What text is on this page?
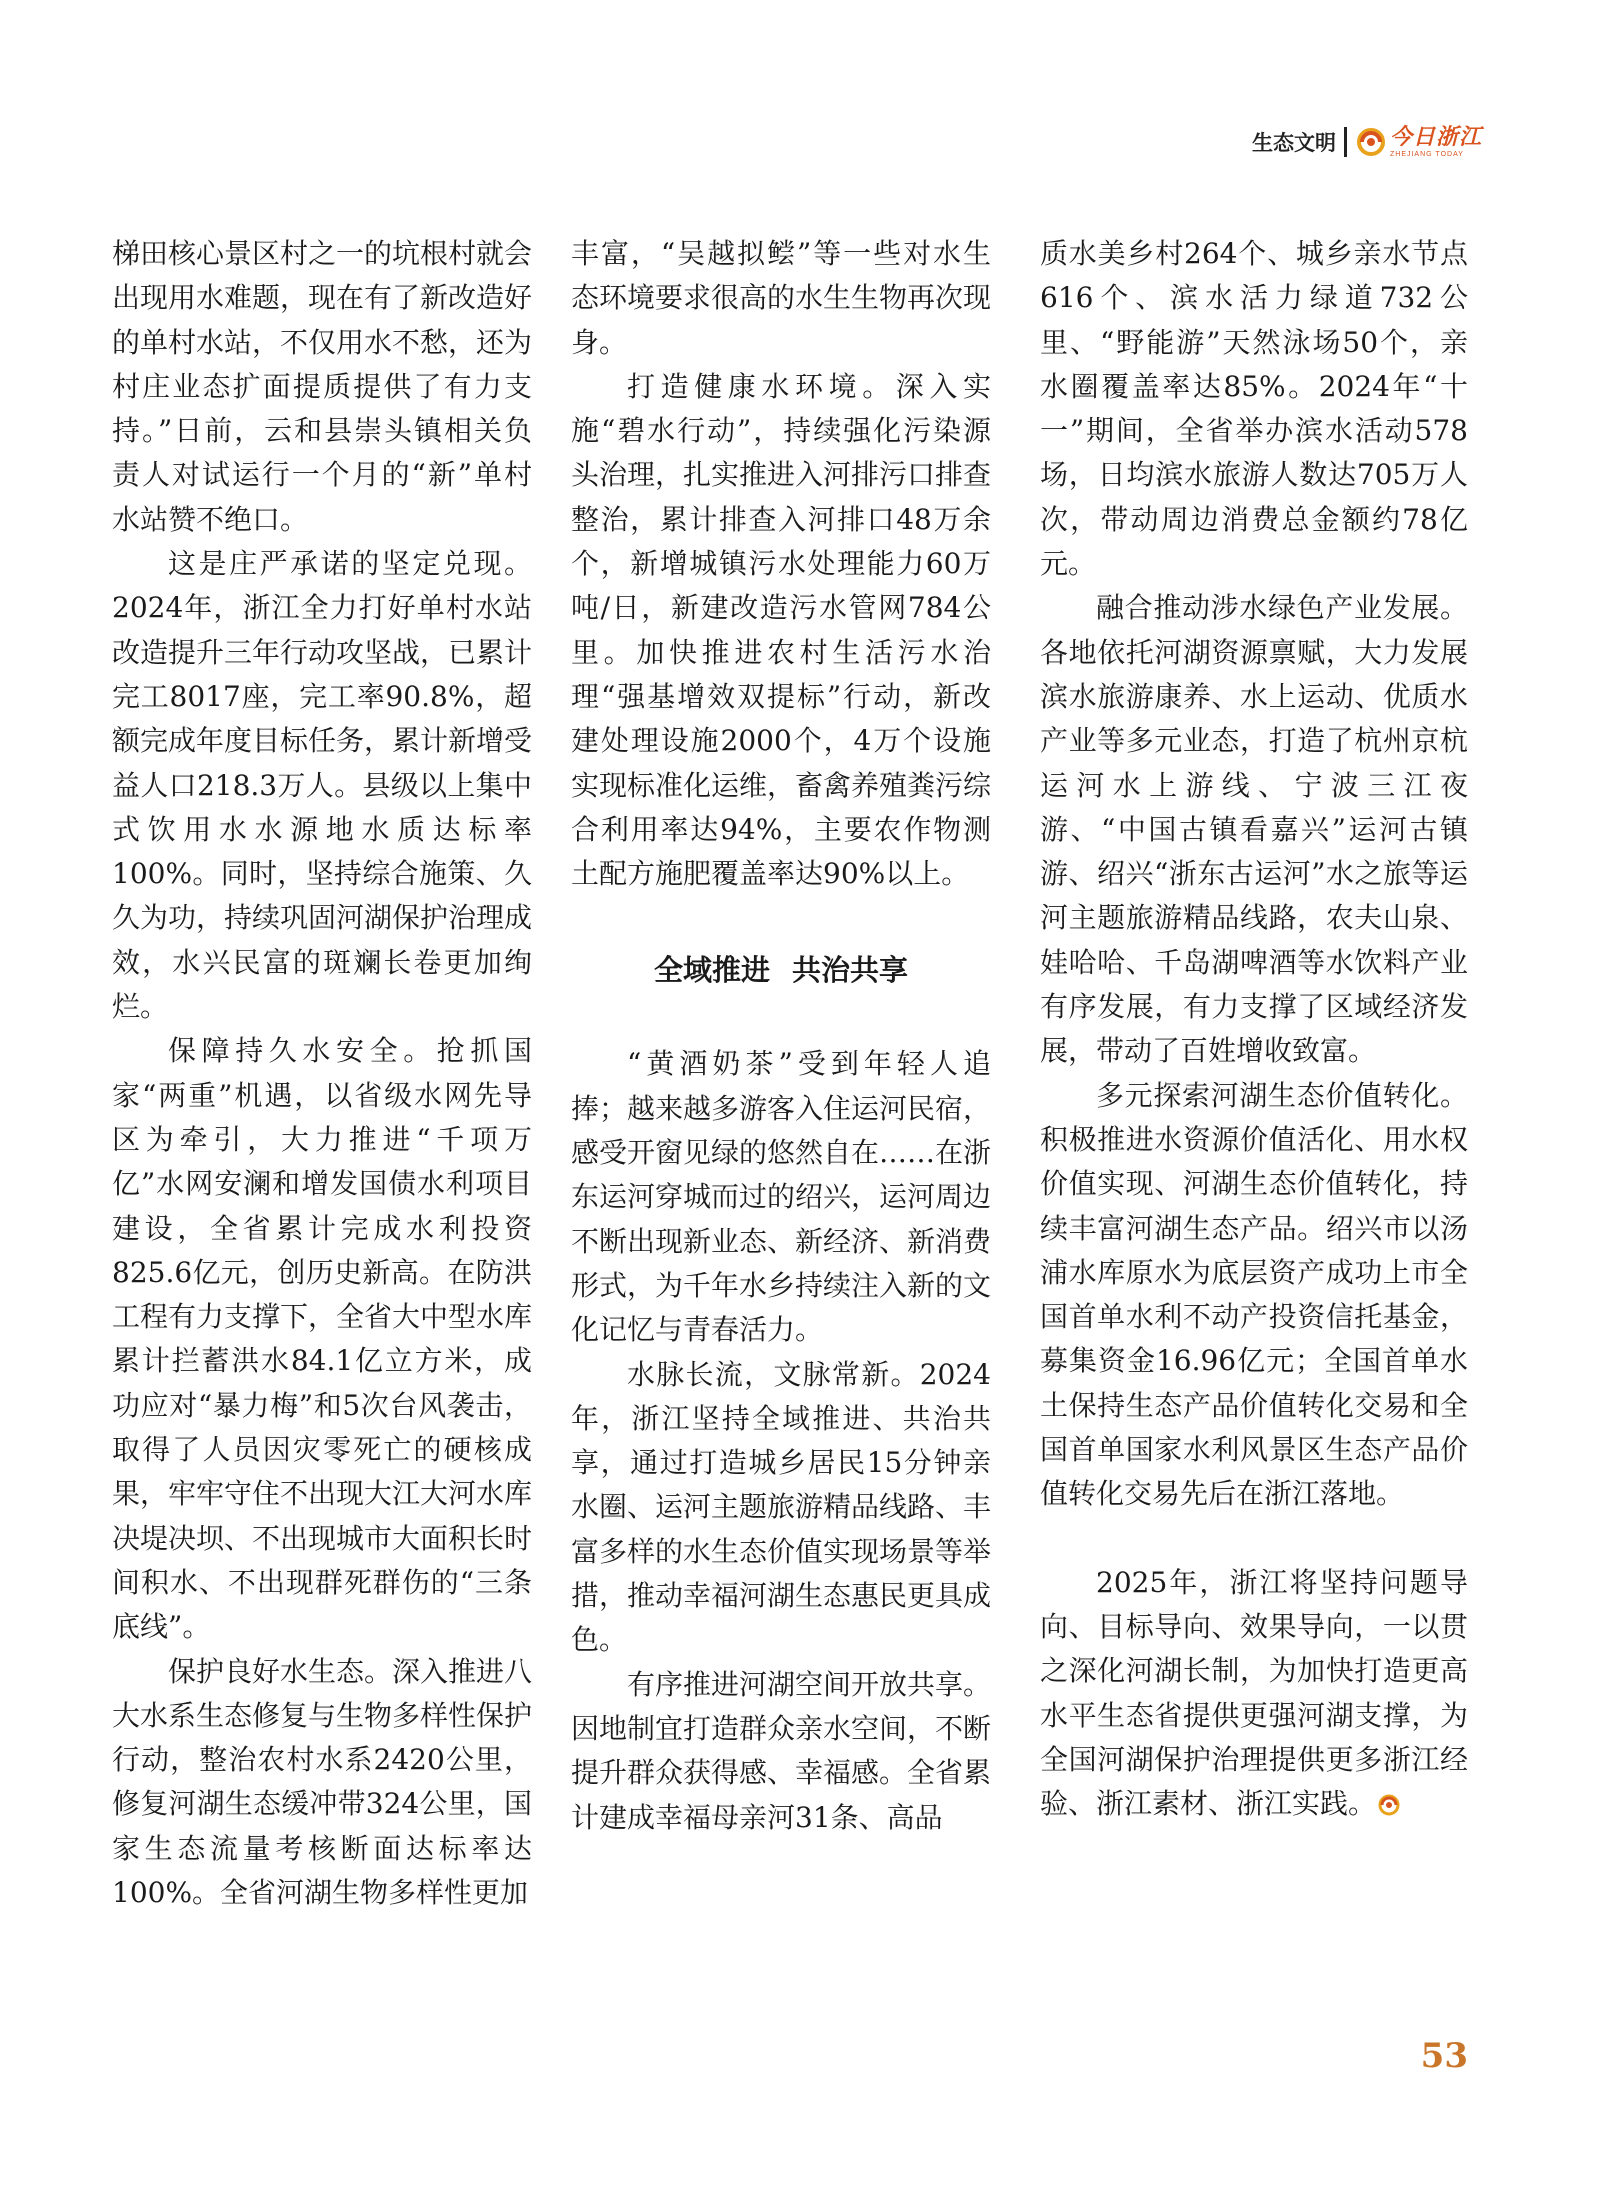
生态文明 今日浙江
ZHEJIANG TODAY

梯田核心景区村之一的坑根村就会出现用水难题，现在有了新改造好的单村水站，不仅用水不愁，还为村庄业态扩面提质提供了有力支持。”日前，云和县崇头镇相关负责人对试运行一个月的“新”单村水站赞不绝口。

这是庄严承诺的坚定兑现。2024年，浙江全力打好单村水站改造提升三年行动攻坚战，已累计完工8017座，完工率90.8%，超额完成年度目标任务，累计新增受益人口218.3万人。县级以上集中式饮用水水源地水质达标率100%。同时，坚持综合施策、久久为功，持续巩固河湖保护治理成效，水兴民富的斑斓长卷更加绚烂。

保障持久水安全。抢抓国家“两重”机遇，以省级水网先导区为牵引，大力推进“千项万亿”水网安澜和增发国债水利项目建设，全省累计完成水利投资825.6亿元，创历史新高。在防洪工程有力支撑下，全省大中型水库累计拦蓄洪水84.1亿立方米，成功应对“暴力梅”和5次台风袭击，取得了人员因灾零死亡的硬核成果，牢牢守住不出现大江大河水库决堤决坝、不出现城市大面积长时间积水、不出现群死群伤的“三条底线”。

保护良好水生态。深入推进八大水系生态修复与生物多样性保护行动，整治农村水系2420公里，修复河湖生态缓冲带324公里，国家生态流量考核断面达标率达100%。全省河湖生物多样性更加

丰富，“吴越拟鲿”等一些对水生态环境要求很高的水生生物再次现身。

打造健康水环境。深入实施“碧水行动”，持续强化污染源头治理，扎实推进入河排污口排查整治，累计排查入河排口48万余个，新增城镇污水处理能力60万吨/日，新建改造污水管网784公里。加快推进农村生活污水治理“强基增效双提标”行动，新改建处理设施2000个，4万个设施实现标准化运维，畜禽养殖粪污综合利用率达94%，主要农作物测土配方施肥覆盖率达90%以上。

全域推进 共治共享

“黄酒奶茶”受到年轻人追捧；越来越多游客入住运河民宿，感受开窗见绿的悠然自在……在浙东运河穿城而过的绍兴，运河周边不断出现新业态、新经济、新消费形式，为千年水乡持续注入新的文化记忆与青春活力。

水脉长流，文脉常新。2024年，浙江坚持全域推进、共治共享，通过打造城乡居民15分钟亲水圈、运河主题旅游精品线路、丰富多样的水生态价值实现场景等举措，推动幸福河湖生态惠民更具成色。

有序推进河湖空间开放共享。因地制宜打造群众亲水空间，不断提升群众获得感、幸福感。全省累计建成幸福母亲河31条、高品

质水美乡村264个、城乡亲水节点616个、滨水活力绿道732公里、“野能游”天然泳场50个，亲水圈覆盖率达85%。2024年“十一”期间，全省举办滨水活动578场，日均滨水旅游人数达705万人次，带动周边消费总金额约78亿元。

融合推动涉水绿色产业发展。各地依托河湖资源禀赋，大力发展滨水旅游康养、水上运动、优质水产业等多元业态，打造了杭州京杭运河水上游线、宁波三江夜游、“中国古镇看嘉兴”运河古镇游、绍兴“浙东古运河”水之旅等运河主题旅游精品线路，农夫山泉、娃哈哈、千岛湖啤酒等水饮料产业有序发展，有力支撑了区域经济发展，带动了百姓增收致富。

多元探索河湖生态价值转化。积极推进水资源价值活化、用水权价值实现、河湖生态价值转化，持续丰富河湖生态产品。绍兴市以汤浦水库原水为底层资产成功上市全国首单水利不动产投资信托基金，募集资金16.96亿元；全国首单水土保持生态产品价值转化交易和全国首单国家水利风景区生态产品价值转化交易先后在浙江落地。

2025年，浙江将坚持问题导向、目标导向、效果导向，一以贯之深化河湖长制，为加快打造更高水平生态省提供更强河湖支撑，为全国河湖保护治理提供更多浙江经验、浙江素材、浙江实践。

53
